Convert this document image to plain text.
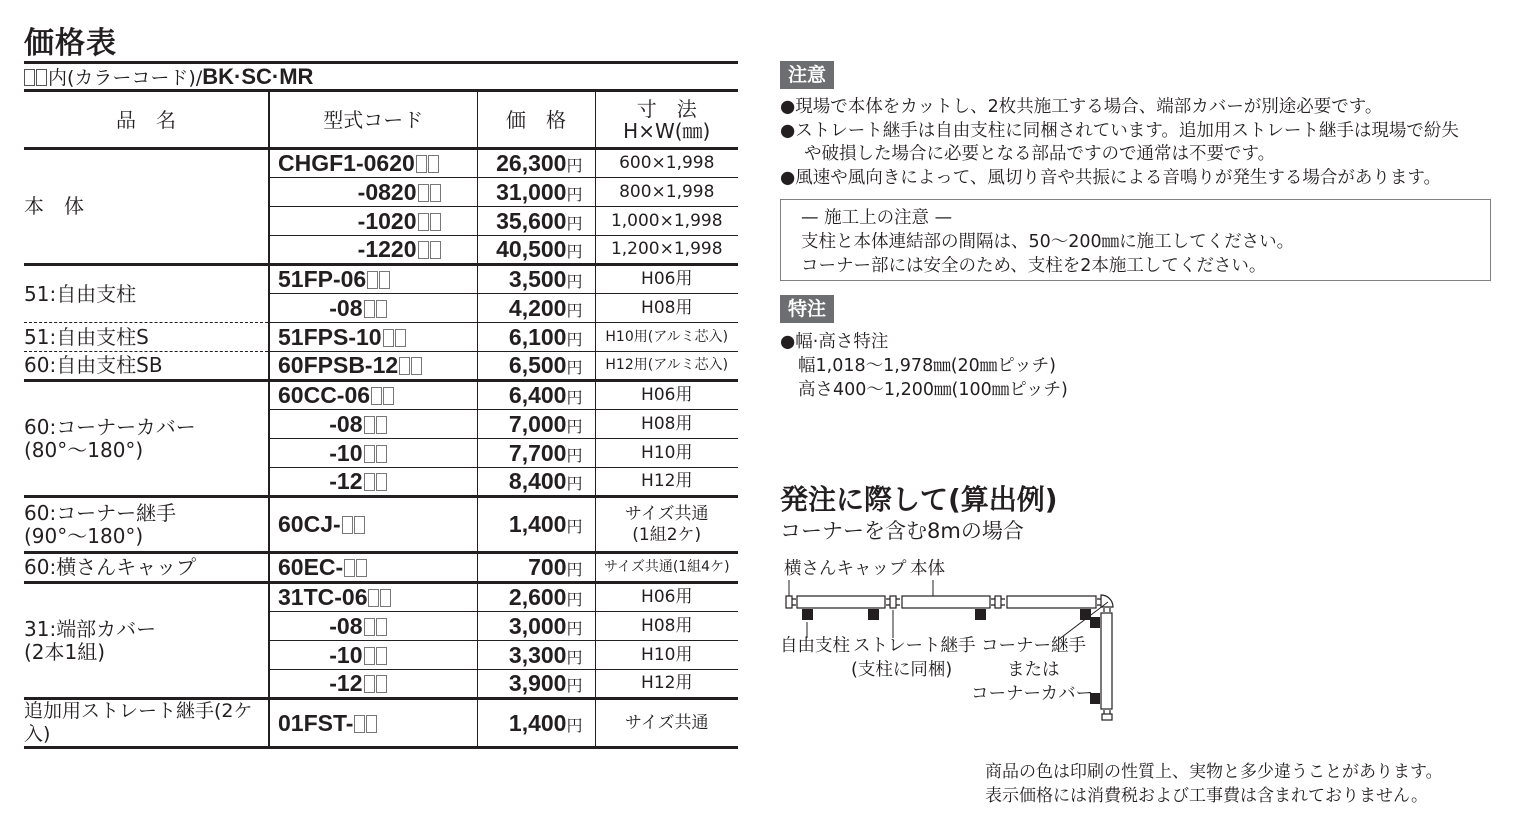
価格表
内(カラーコード)/BK·SC·MR
品　名	型式コード	価　格	寸　法
H×W(㎜)

本　体	CHGF1-0620	26,300円	600×1,998
	-0820	31,000円	800×1,998
	-1020	35,600円	1,000×1,998
	-1220	40,500円	1,200×1,998
51:自由支柱	51FP-06	3,500円	H06用
	-08	4,200円	H08用
51:自由支柱S	51FPS-10	6,100円	H10用(アルミ芯入)
60:自由支柱SB	60FPSB-12	6,500円	H12用(アルミ芯入)

60:コーナーカバー
(80°〜180°)	60CC-06	6,400円	H06用
	-08	7,000円	H08用
	-10	7,700円	H10用
	-12	8,400円	H12用

60:コーナー継手
(90°〜180°)	60CJ-	1,400円	
サイズ共通
(1組2ケ)

60:横さんキャップ	60EC-	700円	サイズ共通(1組4ケ)

31:端部カバー
(2本1組)	31TC-06	2,600円	H06用
	-08	3,000円	H08用
	-10	3,300円	H10用
	-12	3,900円	H12用
追加用ストレート継手(2ケ入)	01FST-	1,400円	サイズ共通
注意
●現場で本体をカットし、2枚共施工する場合、端部カバーが別途必要です。
●ストレート継手は自由支柱に同梱されています。追加用ストレート継手は現場で紛失
や破損した場合に必要となる部品ですので通常は不要です。
●風速や風向きによって、風切り音や共振による音鳴りが発生する場合があります。
— 施工上の注意 —
支柱と本体連結部の間隔は、50〜200㎜に施工してください。
コーナー部には安全のため、支柱を2本施工してください。
特注
●幅·高さ特注
幅1,018〜1,978㎜(20㎜ピッチ)
高さ400〜1,200㎜(100㎜ピッチ)
発注に際して(算出例)
コーナーを含む8mの場合
横さんキャップ 本体
自由支柱 ストレート継手
(支柱に同梱)
コーナー継手
または
コーナーカバー
商品の色は印刷の性質上、実物と多少違うことがあります。
表示価格には消費税および工事費は含まれておりません。
